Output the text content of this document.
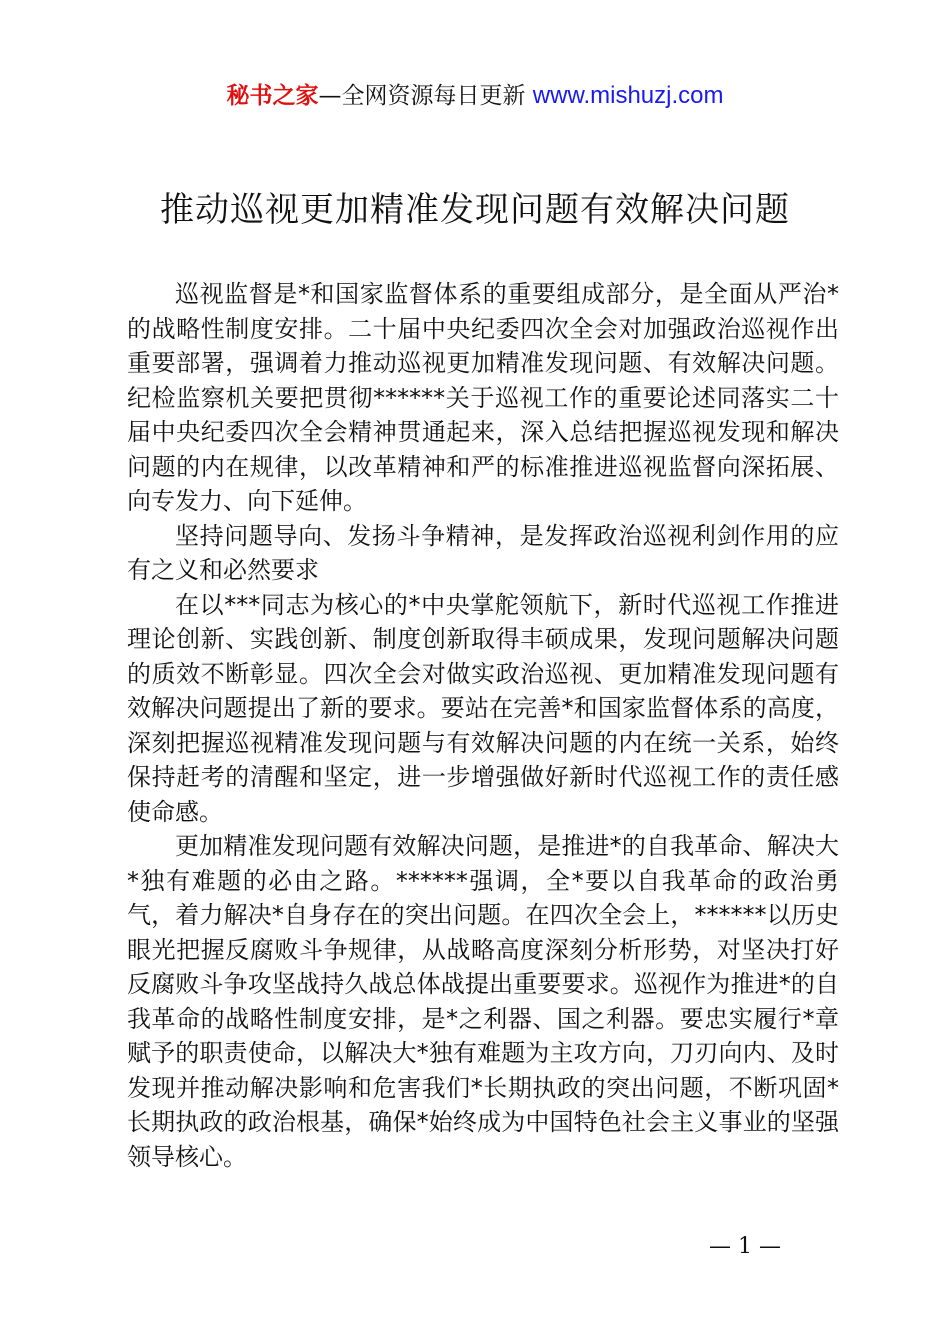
秘书之家—全网资源每日更新 www.mishuzj.com
推动巡视更加精准发现问题有效解决问题

巡视监督是*和国家监督体系的重要组成部分，是全面从严治*的战略性制度安排。二十届中央纪委四次全会对加强政治巡视作出重要部署，强调着力推动巡视更加精准发现问题、有效解决问题。纪检监察机关要把贯彻******关于巡视工作的重要论述同落实二十届中央纪委四次全会精神贯通起来，深入总结把握巡视发现和解决问题的内在规律，以改革精神和严的标准推进巡视监督向深拓展、向专发力、向下延伸。

坚持问题导向、发扬斗争精神，是发挥政治巡视利剑作用的应有之义和必然要求

在以***同志为核心的*中央掌舵领航下，新时代巡视工作推进理论创新、实践创新、制度创新取得丰硕成果，发现问题解决问题的质效不断彰显。四次全会对做实政治巡视、更加精准发现问题有效解决问题提出了新的要求。要站在完善*和国家监督体系的高度，深刻把握巡视精准发现问题与有效解决问题的内在统一关系，始终保持赶考的清醒和坚定，进一步增强做好新时代巡视工作的责任感使命感。

更加精准发现问题有效解决问题，是推进*的自我革命、解决大*独有难题的必由之路。******强调，全*要以自我革命的政治勇气，着力解决*自身存在的突出问题。在四次全会上，******以历史眼光把握反腐败斗争规律，从战略高度深刻分析形势，对坚决打好反腐败斗争攻坚战持久战总体战提出重要要求。巡视作为推进*的自我革命的战略性制度安排，是*之利器、国之利器。要忠实履行*章赋予的职责使命，以解决大*独有难题为主攻方向，刀刃向内、及时发现并推动解决影响和危害我们*长期执政的突出问题，不断巩固*长期执政的政治根基，确保*始终成为中国特色社会主义事业的坚强领导核心。

— 1 —
